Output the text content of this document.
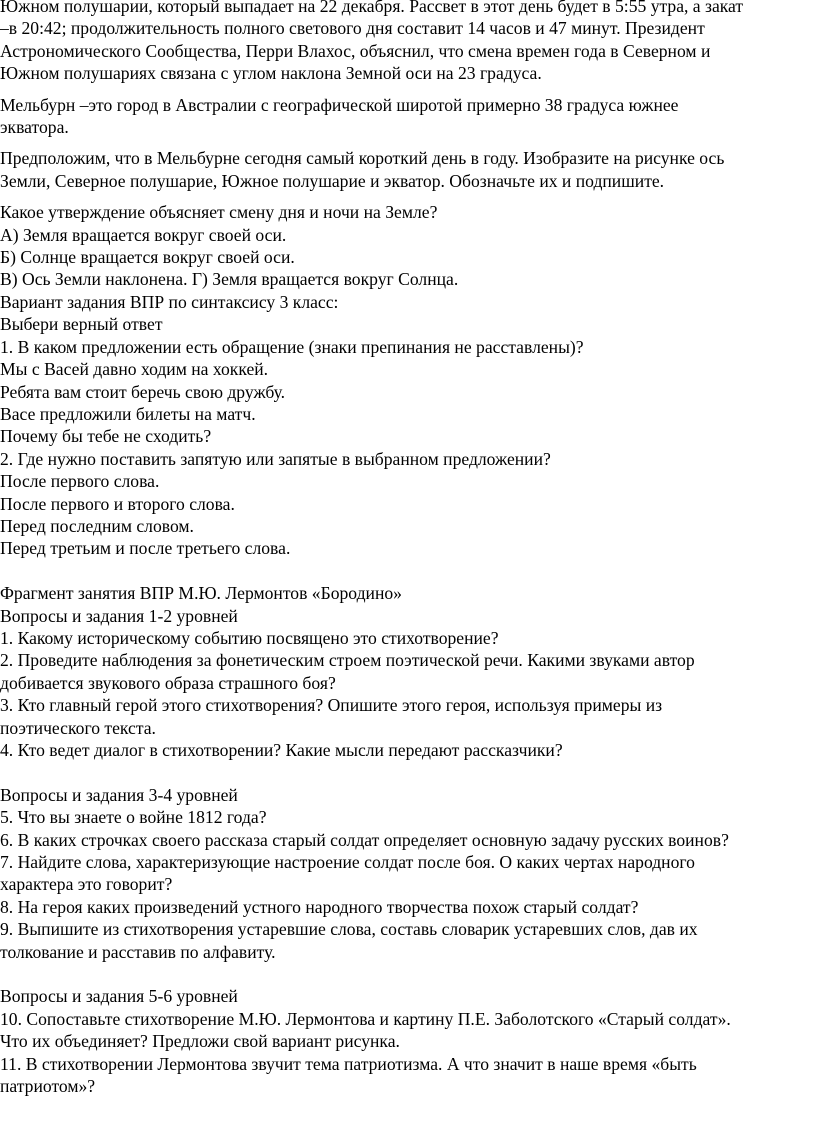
Южном полушарии, который выпадает на 22 декабря. Рассвет в этот день будет в 5:55 утра, а закат
–в 20:42; продолжительность полного светового дня составит 14 часов и 47 минут. Президент
Астрономического Сообщества, Перри Влахос, объяснил, что смена времен года в Северном и
Южном полушариях связана с углом наклона Земной оси на 23 градуса.
Мельбурн –это город в Австралии с географической широтой примерно 38 градуса южнее
экватора.
Предположим, что в Мельбурне сегодня самый короткий день в году. Изобразите на рисунке ось
Земли, Северное полушарие, Южное полушарие и экватор. Обозначьте их и подпишите.
Какое утверждение объясняет смену дня и ночи на Земле?
А) Земля вращается вокруг своей оси.
Б) Солнце вращается вокруг своей оси.
В) Ось Земли наклонена. Г) Земля вращается вокруг Солнца.
Вариант задания ВПР по синтаксису 3 класс:
Выбери верный ответ
1. В каком предложении есть обращение (знаки препинания не расставлены)?
Мы с Васей давно ходим на хоккей.
Ребята вам стоит беречь свою дружбу.
Васе предложили билеты на матч.
Почему бы тебе не сходить?
2. Где нужно поставить запятую или запятые в выбранном предложении?
После первого слова.
После первого и второго слова.
Перед последним словом.
Перед третьим и после третьего слова.
Фрагмент занятия ВПР М.Ю. Лермонтов «Бородино»
Вопросы и задания 1-2 уровней
1. Какому историческому событию посвящено это стихотворение?
2. Проведите наблюдения за фонетическим строем поэтической речи. Какими звуками автор
добивается звукового образа страшного боя?
3. Кто главный герой этого стихотворения? Опишите этого героя, используя примеры из
поэтического текста.
4. Кто ведет диалог в стихотворении? Какие мысли передают рассказчики?
Вопросы и задания 3-4 уровней
5. Что вы знаете о войне 1812 года?
6. В каких строчках своего рассказа старый солдат определяет основную задачу русских воинов?
7. Найдите слова, характеризующие настроение солдат после боя. О каких чертах народного
характера это говорит?
8. На героя каких произведений устного народного творчества похож старый солдат?
9. Выпишите из стихотворения устаревшие слова, составь словарик устаревших слов, дав их
толкование и расставив по алфавиту.
Вопросы и задания 5-6 уровней
10. Сопоставьте стихотворение М.Ю. Лермонтова и картину П.Е. Заболотского «Старый солдат».
Что их объединяет? Предложи свой вариант рисунка.
11. В стихотворении Лермонтова звучит тема патриотизма. А что значит в наше время «быть
патриотом»?
